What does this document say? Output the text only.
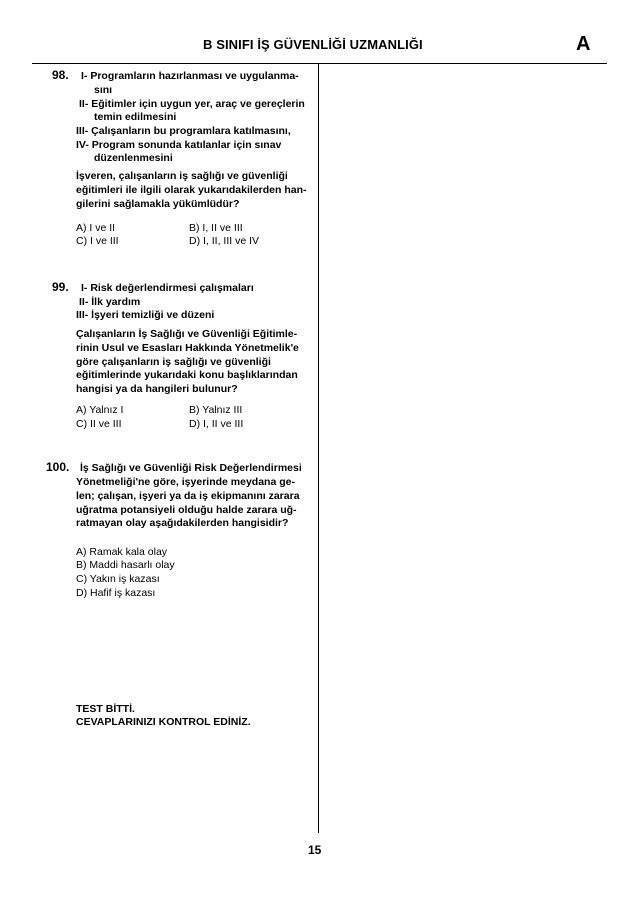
B SINIFI İŞ GÜVENLİĞİ UZMANLIĞI	A
98. I- Programların hazırlanması ve uygulanma-
sını
II- Eğitimler için uygun yer, araç ve gereçlerin
temin edilmesini
III- Çalışanların bu programlara katılmasını,
IV- Program sonunda katılanlar için sınav
düzenlenmesini
İşveren, çalışanların iş sağlığı ve güvenliği
eğitimleri ile ilgili olarak yukarıdakilerden han-
gilerini sağlamakla yükümlüdür?
A) I ve II	B) I, II ve III
C) I ve III	D) I, II, III ve IV
99. I- Risk değerlendirmesi çalışmaları
II- İlk yardım
III- İşyeri temizliği ve düzeni
Çalışanların İş Sağlığı ve Güvenliği Eğitimle-
rinin Usul ve Esasları Hakkında Yönetmelik'e
göre çalışanların iş sağlığı ve güvenliği
eğitimlerinde yukarıdaki konu başlıklarından
hangisi ya da hangileri bulunur?
A) Yalnız I	B) Yalnız III
C) II ve III	D) I, II ve III
100. İş Sağlığı ve Güvenliği Risk Değerlendirmesi
Yönetmeliği'ne göre, işyerinde meydana ge-
len; çalışan, işyeri ya da iş ekipmanını zarara
uğratma potansiyeli olduğu halde zarara uğ-
ratmayan olay aşağıdakilerden hangisidir?
A) Ramak kala olay
B) Maddi hasarlı olay
C) Yakın iş kazası
D) Hafif iş kazası
TEST BİTTİ.
CEVAPLARINIZI KONTROL EDİNİZ.
15
